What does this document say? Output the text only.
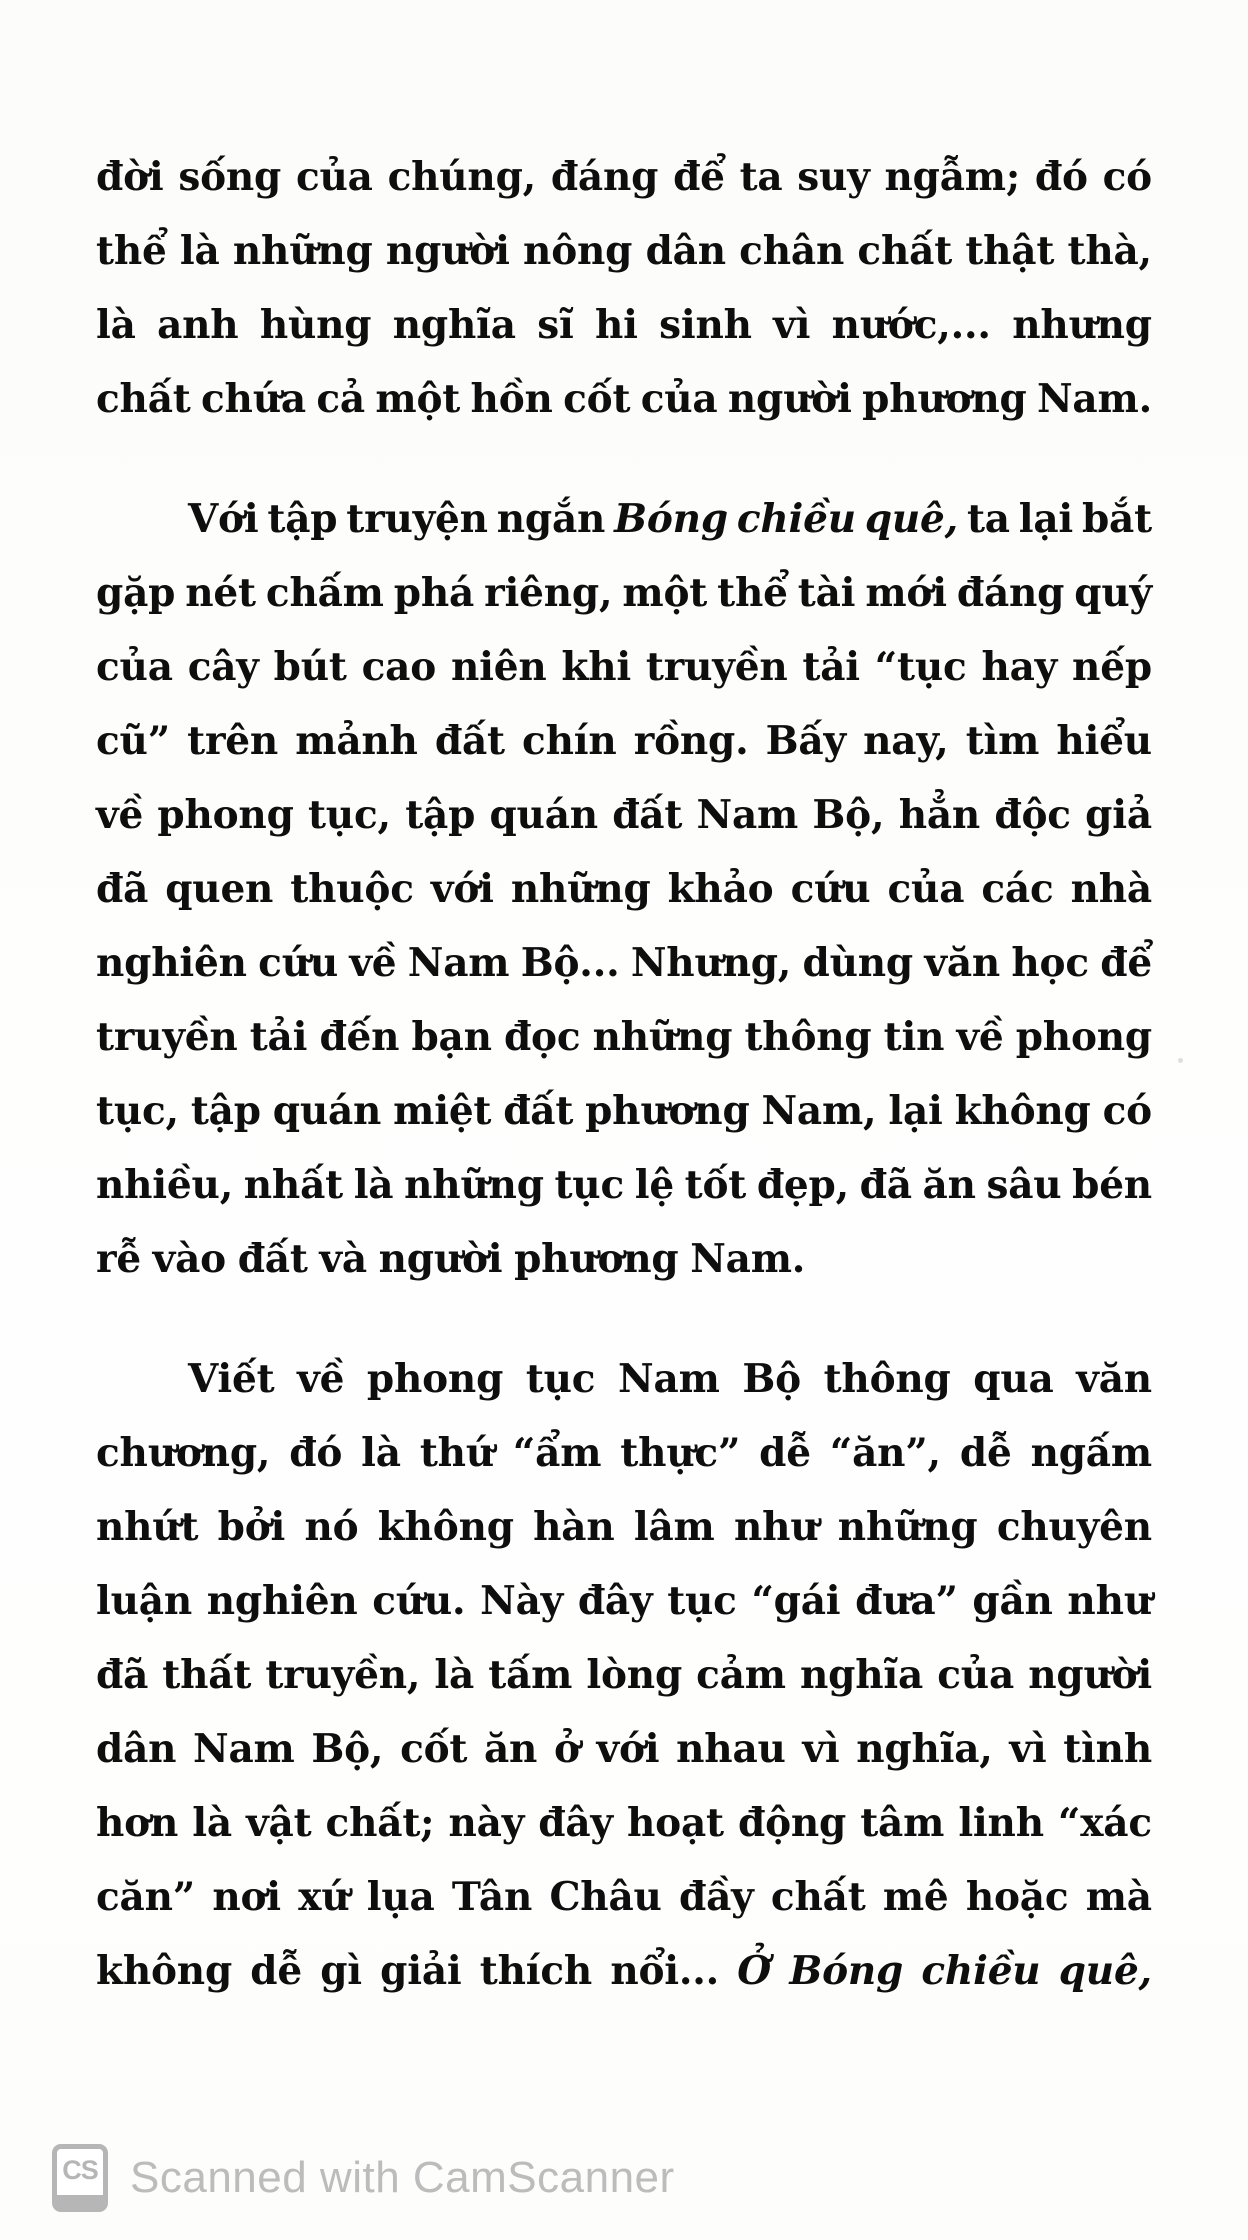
đời sống của chúng, đáng để ta suy ngẫm; đó có
thể là những người nông dân chân chất thật thà,
là anh hùng nghĩa sĩ hi sinh vì nước,... nhưng
chất chứa cả một hồn cốt của người phương Nam.
Với tập truyện ngắn Bóng chiều quê, ta lại bắt
gặp nét chấm phá riêng, một thể tài mới đáng quý
của cây bút cao niên khi truyền tải “tục hay nếp
cũ” trên mảnh đất chín rồng. Bấy nay, tìm hiểu
về phong tục, tập quán đất Nam Bộ, hẳn độc giả
đã quen thuộc với những khảo cứu của các nhà
nghiên cứu về Nam Bộ... Nhưng, dùng văn học để
truyền tải đến bạn đọc những thông tin về phong
tục, tập quán miệt đất phương Nam, lại không có
nhiều, nhất là những tục lệ tốt đẹp, đã ăn sâu bén
rễ vào đất và người phương Nam.
Viết về phong tục Nam Bộ thông qua văn
chương, đó là thứ “ẩm thực” dễ “ăn”, dễ ngấm
nhứt bởi nó không hàn lâm như những chuyên
luận nghiên cứu. Này đây tục “gái đưa” gần như
đã thất truyền, là tấm lòng cảm nghĩa của người
dân Nam Bộ, cốt ăn ở với nhau vì nghĩa, vì tình
hơn là vật chất; này đây hoạt động tâm linh “xác
căn” nơi xứ lụa Tân Châu đầy chất mê hoặc mà
không dễ gì giải thích nổi... Ở Bóng chiều quê,
CS Scanned with CamScanner
